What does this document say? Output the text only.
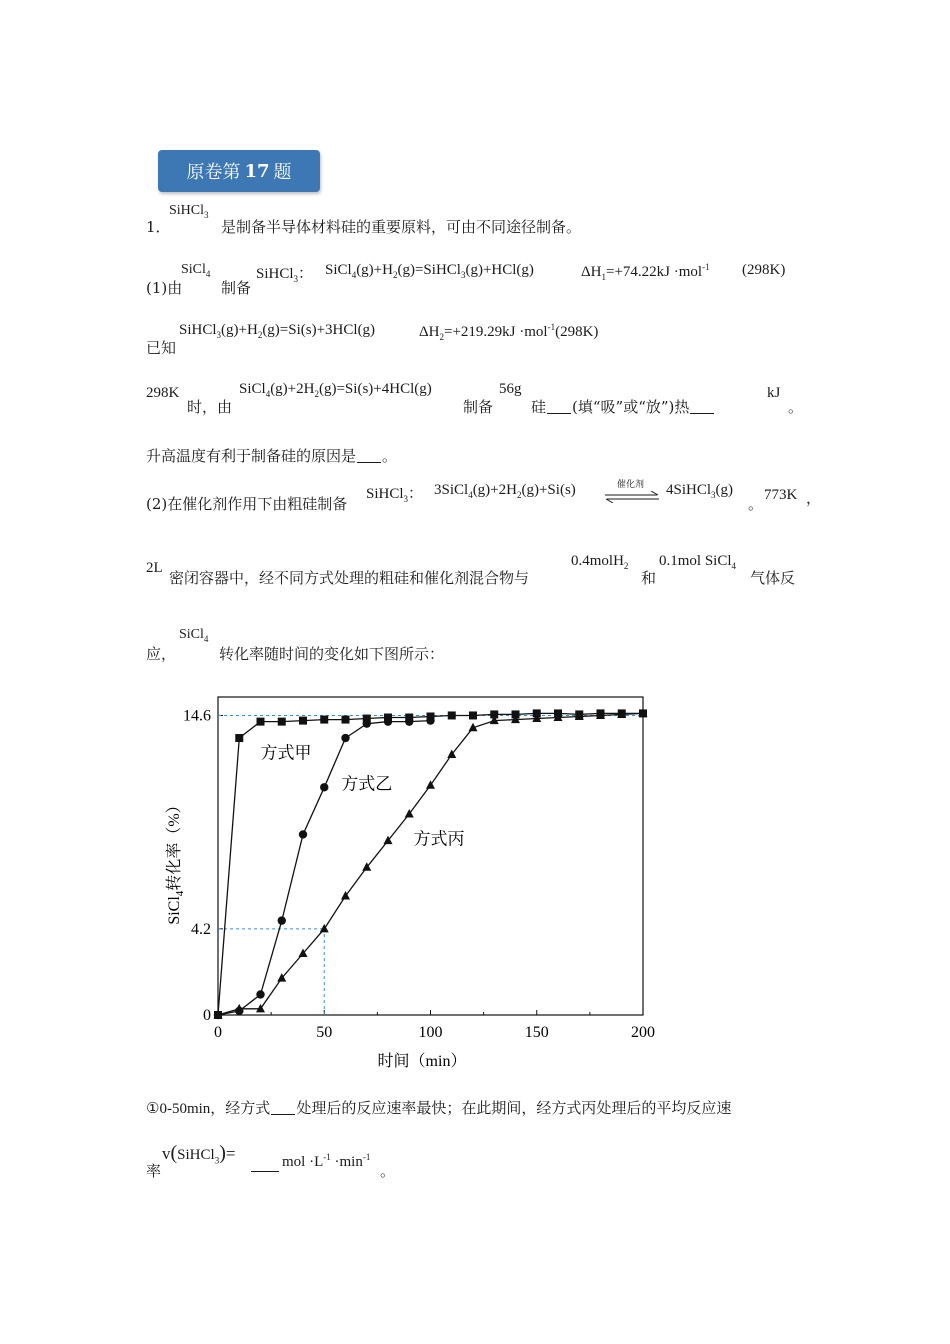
原卷第 17 题
1．
SiHCl$_3$
是制备半导体材料硅的重要原料，可由不同途径制备。
(1)由
SiCl$_4$
制备
SiHCl$_3$： $SiCl_4(g)+H_2(g)=SiHCl_3(g)+HCl(g)$	$\Delta H_1=+74.22kJ \cdot mol^{-1}$ (298K)
已知
$SiHCl_3(g)+H_2(g)=Si(s)+3HCl(g)$	$\Delta H_2=+219.29kJ \cdot mol^{-1}(298K)$
298K
时，由
$SiCl_4(g)+2H_2(g)=Si(s)+4HCl(g)$
制备
56g
硅 (填“吸”或“放”)热
kJ
。
升高温度有利于制备硅的原因是 。
(2)在催化剂作用下由粗硅制备
SiHCl$_3$： $3SiCl_4(g)+2H_2(g)+Si(s)$	催化剂 4SiHCl$_3$(g)
。 773K ，
2L
密闭容器中，经不同方式处理的粗硅和催化剂混合物与
0.4molH$_2$
和
0.1mol SiCl$_4$
气体反
应，
SiCl$_4$
转化率随时间的变化如下图所示：
0	50	100	150	200
0
4.2
14.6
方式甲
方式乙
方式丙
SiCl$_4$转化率（%）
时间（min）
①0-50min，经方式 处理后的反应速率最快；在此期间，经方式丙处理后的平均反应速
率
v(SiHCl$_3$)=	mol $\cdot L^{-1} \cdot\min^{-1}$
。
